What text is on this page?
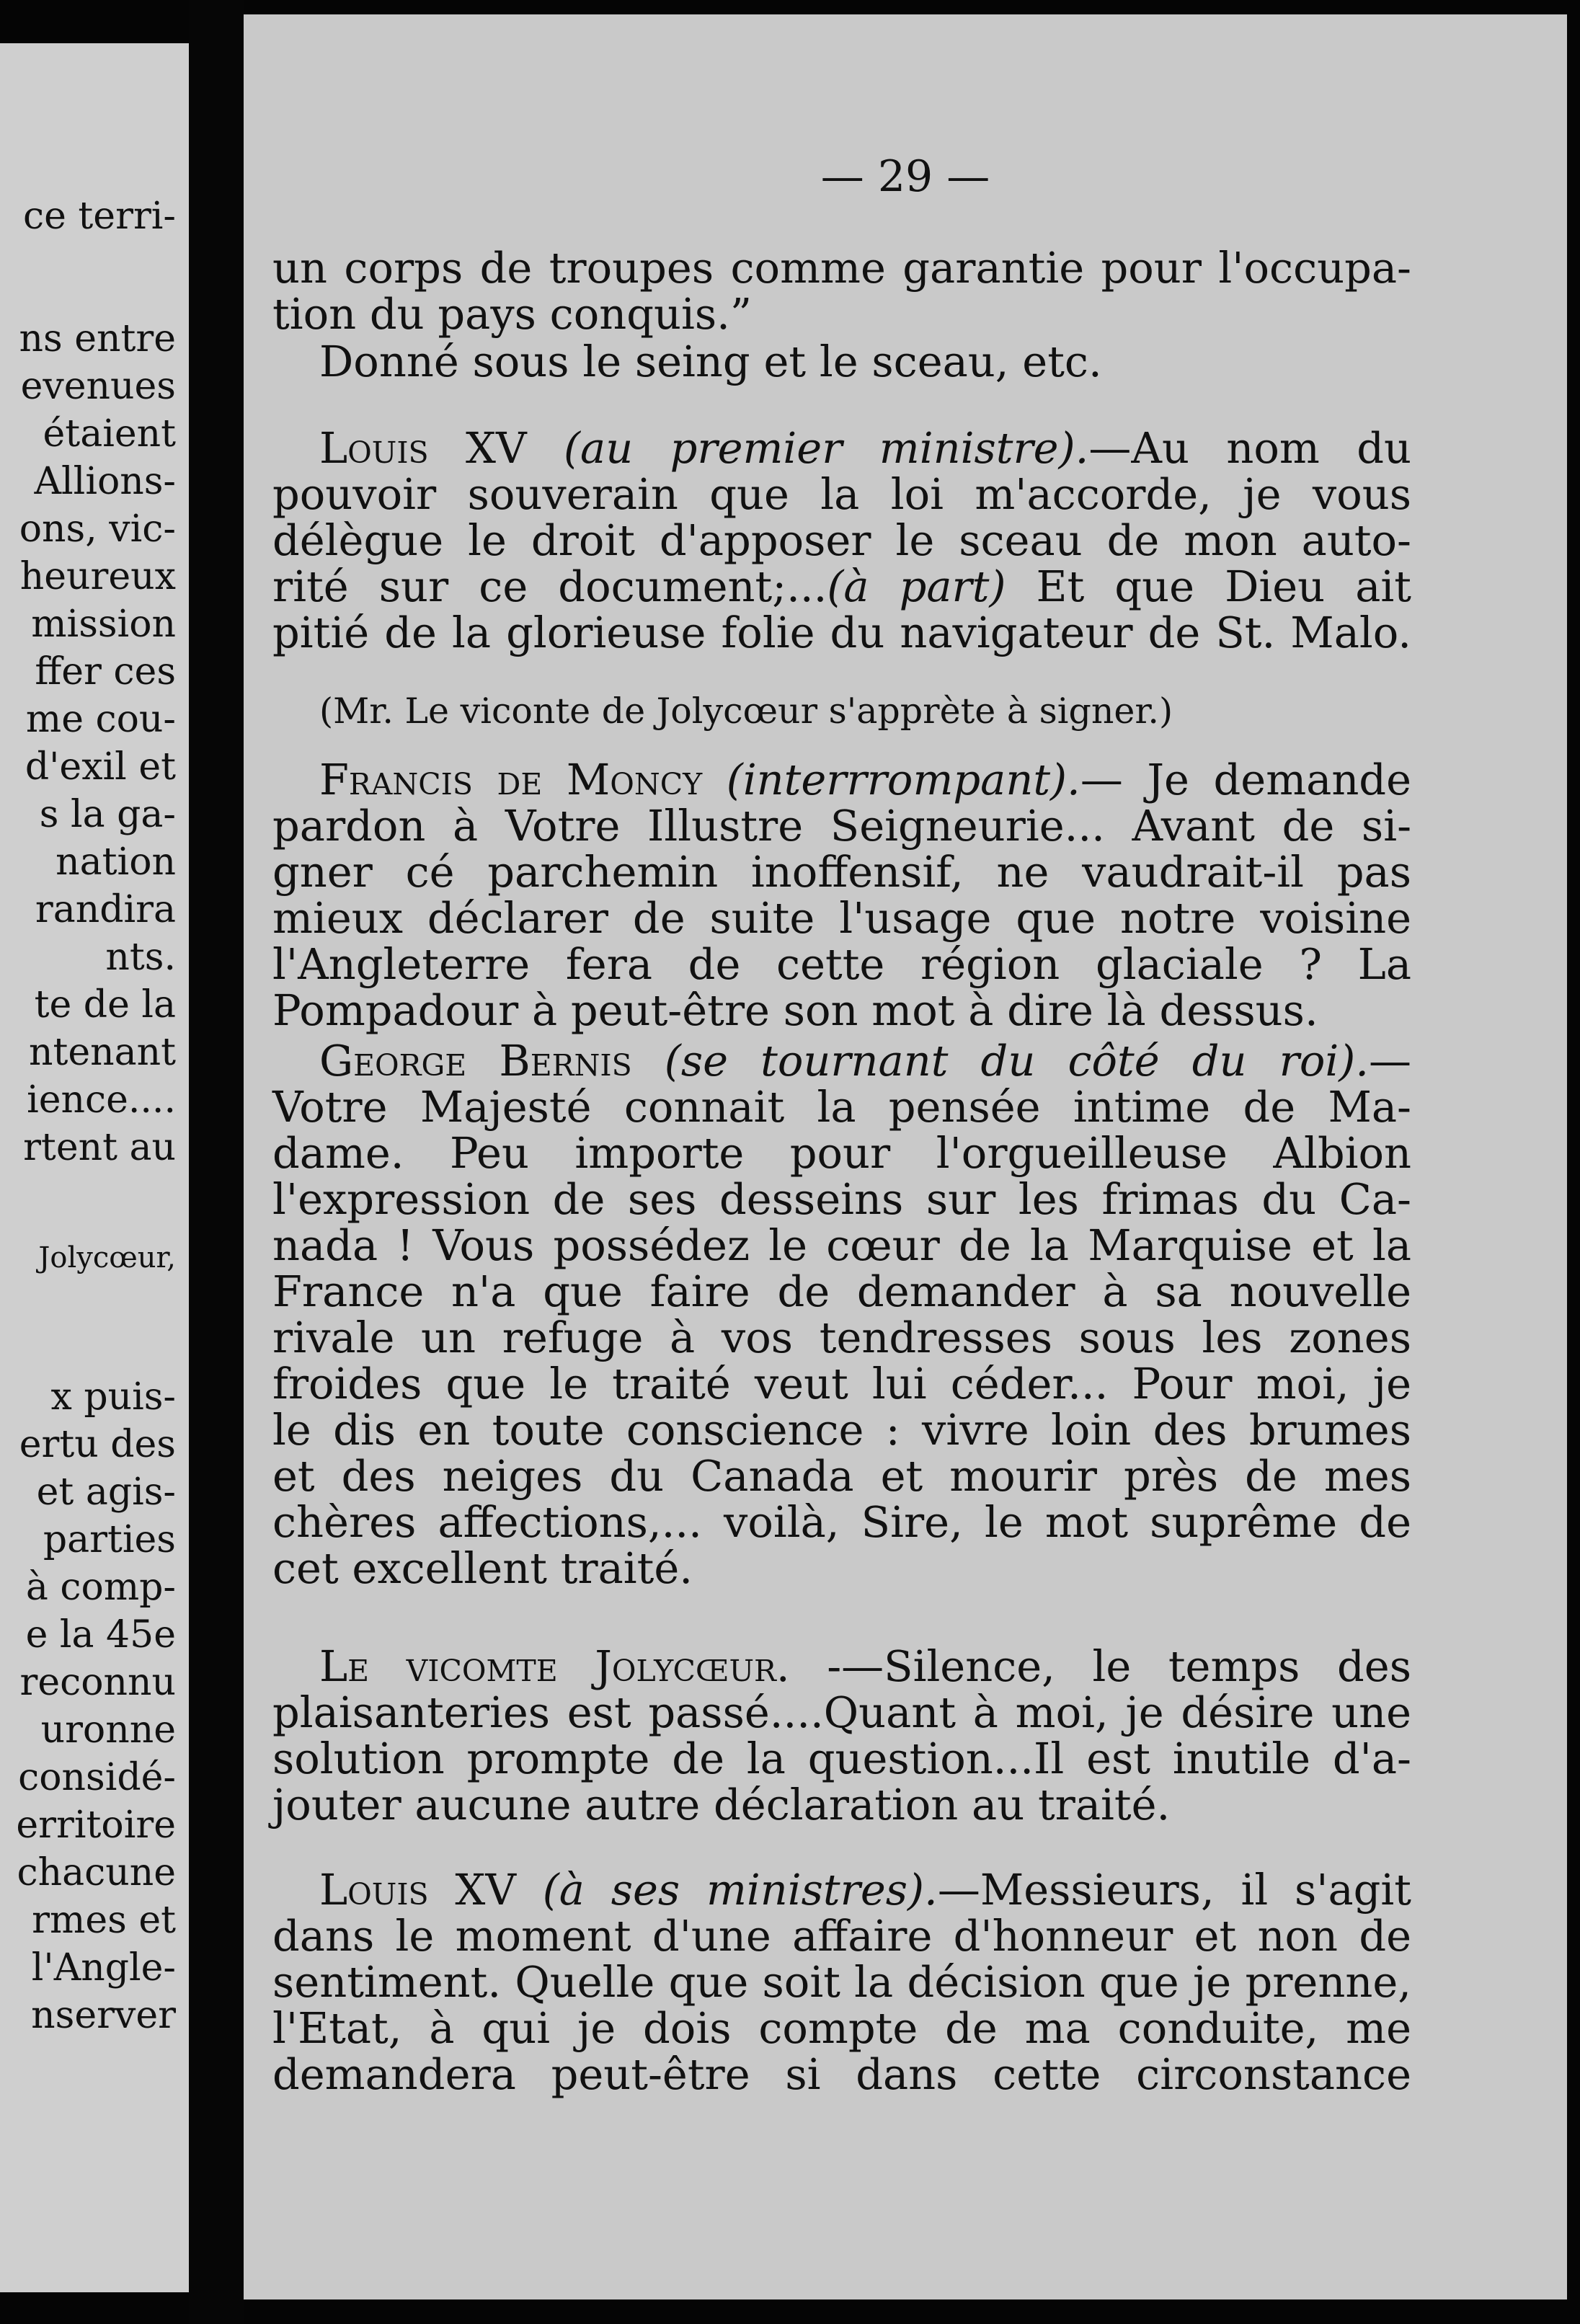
ce terri-
ns entre
evenues
étaient
Allions-
ons, vic-
heureux
mission
ffer ces
me cou-
d'exil et
s la ga-
nation
randira
nts.
te de la
ntenant
ience....
rtent au
Jolycœur,
x puis-
ertu des
et agis-
parties
à comp-
e la 45e
reconnu
uronne
considé-
erritoire
chacune
rmes et
l'Angle-
nserver
— 29 —
un corps de troupes comme garantie pour l'occupa-
tion du pays conquis.”
Donné sous le seing et le sceau, etc.
Louis XV (au premier ministre).—Au nom du
pouvoir souverain que la loi m'accorde, je vous
délègue le droit d'apposer le sceau de mon auto-
rité sur ce document;...(à part) Et que Dieu ait
pitié de la glorieuse folie du navigateur de St. Malo.
(Mr. Le viconte de Jolycœur s'apprète à signer.)
Francis de Moncy (interrrompant).— Je demande
pardon à Votre Illustre Seigneurie... Avant de si-
gner cé parchemin inoffensif, ne vaudrait-il pas
mieux déclarer de suite l'usage que notre voisine
l'Angleterre fera de cette région glaciale ? La
Pompadour à peut-être son mot à dire là dessus.
George Bernis (se tournant du côté du roi).—
Votre Majesté connait la pensée intime de Ma-
dame. Peu importe pour l'orgueilleuse Albion
l'expression de ses desseins sur les frimas du Ca-
nada ! Vous possédez le cœur de la Marquise et la
France n'a que faire de demander à sa nouvelle
rivale un refuge à vos tendresses sous les zones
froides que le traité veut lui céder... Pour moi, je
le dis en toute conscience : vivre loin des brumes
et des neiges du Canada et mourir près de mes
chères affections,... voilà, Sire, le mot suprême de
cet excellent traité.
Le vicomte Jolycœur. -—Silence, le temps des
plaisanteries est passé....Quant à moi, je désire une
solution prompte de la question...Il est inutile d'a-
jouter aucune autre déclaration au traité.
Louis XV (à ses ministres).—Messieurs, il s'agit
dans le moment d'une affaire d'honneur et non de
sentiment. Quelle que soit la décision que je prenne,
l'Etat, à qui je dois compte de ma conduite, me
demandera peut-être si dans cette circonstance
